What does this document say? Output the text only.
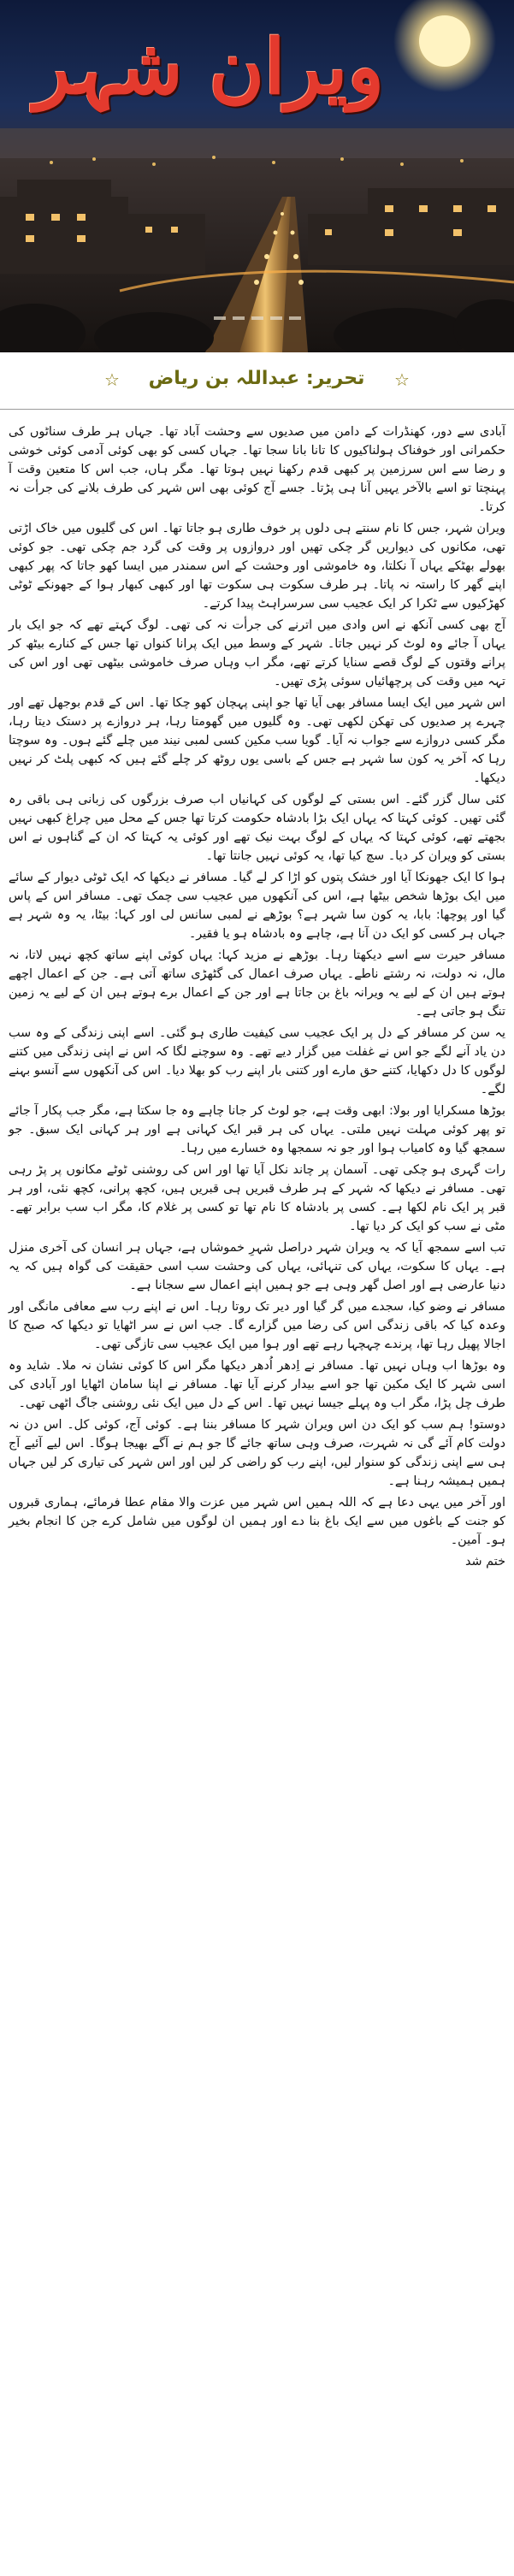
ویران شہر
☆	تحریر: عبداللہ بن ریاض	☆

آبادی سے دور، کھنڈرات کے دامن میں صدیوں سے وحشت آباد تھا۔ جہاں ہر طرف سناٹوں کی حکمرانی اور خوفناک ہولناکیوں کا تانا بانا سجا تھا۔ جہاں کسی کو بھی کوئی آدمی کوئی خوشی و رضا سے اس سرزمین پر کبھی قدم رکھنا نہیں ہوتا تھا۔ مگر ہاں، جب اس کا متعین وقت آ پہنچتا تو اسے بالآخر یہیں آنا ہی پڑتا۔ جسے آج کوئی بھی اس شہر کی طرف بلانے کی جرأت نہ کرتا۔

ویران شہر، جس کا نام سنتے ہی دلوں پر خوف طاری ہو جاتا تھا۔ اس کی گلیوں میں خاک اڑتی تھی، مکانوں کی دیواریں گر چکی تھیں اور دروازوں پر وقت کی گرد جم چکی تھی۔ جو کوئی بھولے بھٹکے یہاں آ نکلتا، وہ خاموشی اور وحشت کے اس سمندر میں ایسا کھو جاتا کہ پھر کبھی اپنے گھر کا راستہ نہ پاتا۔ ہر طرف سکوت ہی سکوت تھا اور کبھی کبھار ہوا کے جھونکے ٹوٹی کھڑکیوں سے ٹکرا کر ایک عجیب سی سرسراہٹ پیدا کرتے۔

آج بھی کسی آنکھ نے اس وادی میں اترنے کی جرأت نہ کی تھی۔ لوگ کہتے تھے کہ جو ایک بار یہاں آ جائے وہ لوٹ کر نہیں جاتا۔ شہر کے وسط میں ایک پرانا کنواں تھا جس کے کنارے بیٹھ کر پرانے وقتوں کے لوگ قصے سنایا کرتے تھے، مگر اب وہاں صرف خاموشی بیٹھی تھی اور اس کی تہہ میں وقت کی پرچھائیاں سوئی پڑی تھیں۔

اس شہر میں ایک ایسا مسافر بھی آیا تھا جو اپنی پہچان کھو چکا تھا۔ اس کے قدم بوجھل تھے اور چہرے پر صدیوں کی تھکن لکھی تھی۔ وہ گلیوں میں گھومتا رہا، ہر دروازے پر دستک دیتا رہا، مگر کسی دروازے سے جواب نہ آیا۔ گویا سب مکین کسی لمبی نیند میں چلے گئے ہوں۔ وہ سوچتا رہا کہ آخر یہ کون سا شہر ہے جس کے باسی یوں روٹھ کر چلے گئے ہیں کہ کبھی پلٹ کر نہیں دیکھا۔

کئی سال گزر گئے۔ اس بستی کے لوگوں کی کہانیاں اب صرف بزرگوں کی زبانی ہی باقی رہ گئی تھیں۔ کوئی کہتا کہ یہاں ایک بڑا بادشاہ حکومت کرتا تھا جس کے محل میں چراغ کبھی نہیں بجھتے تھے، کوئی کہتا کہ یہاں کے لوگ بہت نیک تھے اور کوئی یہ کہتا کہ ان کے گناہوں نے اس بستی کو ویران کر دیا۔ سچ کیا تھا، یہ کوئی نہیں جانتا تھا۔

ہوا کا ایک جھونکا آیا اور خشک پتوں کو اڑا کر لے گیا۔ مسافر نے دیکھا کہ ایک ٹوٹی دیوار کے سائے میں ایک بوڑھا شخص بیٹھا ہے، اس کی آنکھوں میں عجیب سی چمک تھی۔ مسافر اس کے پاس گیا اور پوچھا: بابا، یہ کون سا شہر ہے؟ بوڑھے نے لمبی سانس لی اور کہا: بیٹا، یہ وہ شہر ہے جہاں ہر کسی کو ایک دن آنا ہے، چاہے وہ بادشاہ ہو یا فقیر۔

مسافر حیرت سے اسے دیکھتا رہا۔ بوڑھے نے مزید کہا: یہاں کوئی اپنے ساتھ کچھ نہیں لاتا، نہ مال، نہ دولت، نہ رشتے ناطے۔ یہاں صرف اعمال کی گٹھڑی ساتھ آتی ہے۔ جن کے اعمال اچھے ہوتے ہیں ان کے لیے یہ ویرانہ باغ بن جاتا ہے اور جن کے اعمال برے ہوتے ہیں ان کے لیے یہ زمین تنگ ہو جاتی ہے۔

یہ سن کر مسافر کے دل پر ایک عجیب سی کیفیت طاری ہو گئی۔ اسے اپنی زندگی کے وہ سب دن یاد آنے لگے جو اس نے غفلت میں گزار دیے تھے۔ وہ سوچنے لگا کہ اس نے اپنی زندگی میں کتنے لوگوں کا دل دکھایا، کتنے حق مارے اور کتنی بار اپنے رب کو بھلا دیا۔ اس کی آنکھوں سے آنسو بہنے لگے۔

بوڑھا مسکرایا اور بولا: ابھی وقت ہے، جو لوٹ کر جانا چاہے وہ جا سکتا ہے، مگر جب پکار آ جائے تو پھر کوئی مہلت نہیں ملتی۔ یہاں کی ہر قبر ایک کہانی ہے اور ہر کہانی ایک سبق۔ جو سمجھ گیا وہ کامیاب ہوا اور جو نہ سمجھا وہ خسارے میں رہا۔

رات گہری ہو چکی تھی۔ آسمان پر چاند نکل آیا تھا اور اس کی روشنی ٹوٹے مکانوں پر پڑ رہی تھی۔ مسافر نے دیکھا کہ شہر کے ہر طرف قبریں ہی قبریں ہیں، کچھ پرانی، کچھ نئی، اور ہر قبر پر ایک نام لکھا ہے۔ کسی پر بادشاہ کا نام تھا تو کسی پر غلام کا، مگر اب سب برابر تھے۔ مٹی نے سب کو ایک کر دیا تھا۔

تب اسے سمجھ آیا کہ یہ ویران شہر دراصل شہرِ خموشاں ہے، جہاں ہر انسان کی آخری منزل ہے۔ یہاں کا سکوت، یہاں کی تنہائی، یہاں کی وحشت سب اسی حقیقت کی گواہ ہیں کہ یہ دنیا عارضی ہے اور اصل گھر وہی ہے جو ہمیں اپنے اعمال سے سجانا ہے۔

مسافر نے وضو کیا، سجدے میں گر گیا اور دیر تک روتا رہا۔ اس نے اپنے رب سے معافی مانگی اور وعدہ کیا کہ باقی زندگی اس کی رضا میں گزارے گا۔ جب اس نے سر اٹھایا تو دیکھا کہ صبح کا اجالا پھیل رہا تھا، پرندے چہچہا رہے تھے اور ہوا میں ایک عجیب سی تازگی تھی۔

وہ بوڑھا اب وہاں نہیں تھا۔ مسافر نے اِدھر اُدھر دیکھا مگر اس کا کوئی نشان نہ ملا۔ شاید وہ اسی شہر کا ایک مکین تھا جو اسے بیدار کرنے آیا تھا۔ مسافر نے اپنا سامان اٹھایا اور آبادی کی طرف چل پڑا، مگر اب وہ پہلے جیسا نہیں تھا۔ اس کے دل میں ایک نئی روشنی جاگ اٹھی تھی۔

دوستو! ہم سب کو ایک دن اس ویران شہر کا مسافر بننا ہے۔ کوئی آج، کوئی کل۔ اس دن نہ دولت کام آئے گی نہ شہرت، صرف وہی ساتھ جائے گا جو ہم نے آگے بھیجا ہوگا۔ اس لیے آئیے آج ہی سے اپنی زندگی کو سنوار لیں، اپنے رب کو راضی کر لیں اور اس شہر کی تیاری کر لیں جہاں ہمیں ہمیشہ رہنا ہے۔

اور آخر میں یہی دعا ہے کہ اللہ ہمیں اس شہر میں عزت والا مقام عطا فرمائے، ہماری قبروں کو جنت کے باغوں میں سے ایک باغ بنا دے اور ہمیں ان لوگوں میں شامل کرے جن کا انجام بخیر ہو۔ آمین۔

ختم شد
